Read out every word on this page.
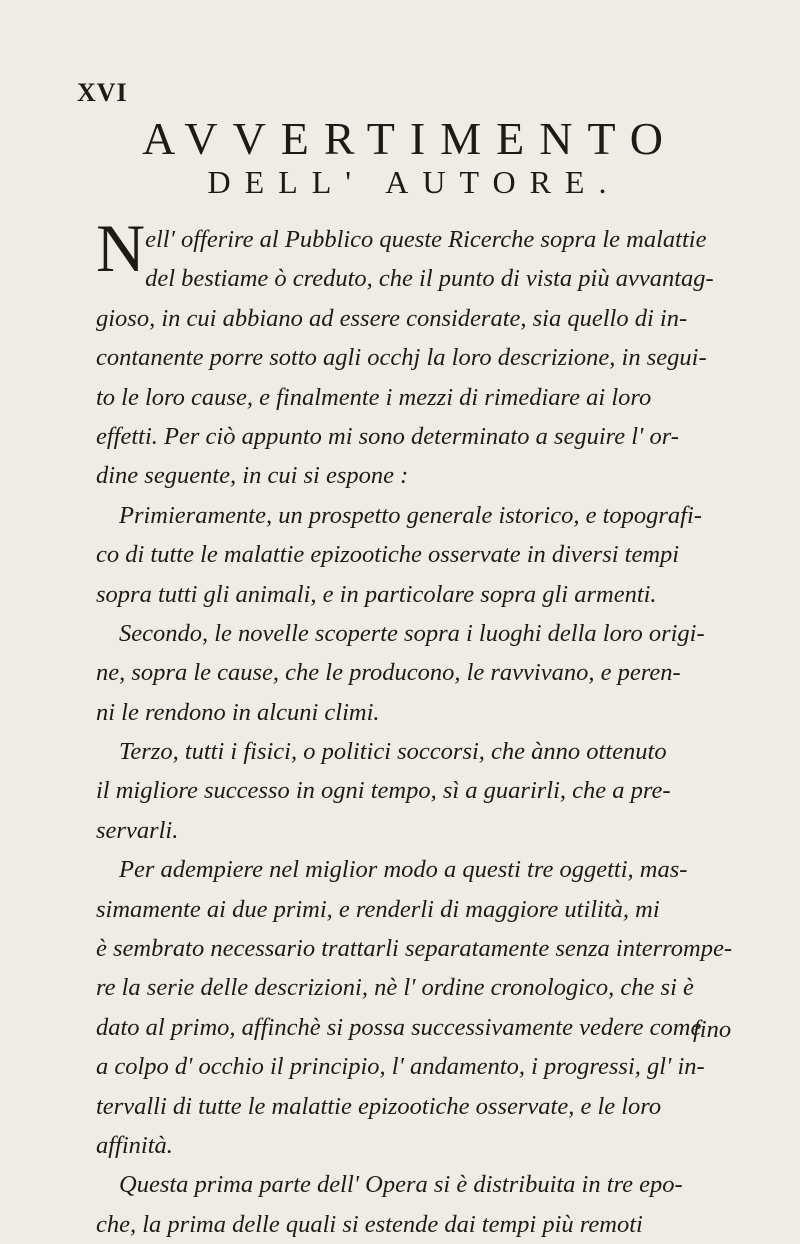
XVI
AVVERTIMENTO
DELL' AUTORE.
Nell' offerire al Pubblico queste Ricerche sopra le malattie
del bestiame ò creduto, che il punto di vista più avvantag-
gioso, in cui abbiano ad essere considerate, sia quello di in-
contanente porre sotto agli occhj la loro descrizione, in segui-
to le loro cause, e finalmente i mezzi di rimediare ai loro
effetti. Per ciò appunto mi sono determinato a seguire l' or-
dine seguente, in cui si espone :
Primieramente, un prospetto generale istorico, e topografi-
co di tutte le malattie epizootiche osservate in diversi tempi
sopra tutti gli animali, e in particolare sopra gli armenti.
Secondo, le novelle scoperte sopra i luoghi della loro origi-
ne, sopra le cause, che le producono, le ravvivano, e peren-
ni le rendono in alcuni climi.
Terzo, tutti i fisici, o politici soccorsi, che ànno ottenuto
il migliore successo in ogni tempo, sì a guarirli, che a pre-
servarli.
Per adempiere nel miglior modo a questi tre oggetti, mas-
simamente ai due primi, e renderli di maggiore utilità, mi
è sembrato necessario trattarli separatamente senza interrompe-
re la serie delle descrizioni, nè l' ordine cronologico, che si è
dato al primo, affinchè si possa successivamente vedere come
a colpo d' occhio il principio, l' andamento, i progressi, gl' in-
tervalli di tutte le malattie epizootiche osservate, e le loro
affinità.
Questa prima parte dell' Opera si è distribuita in tre epo-
che, la prima delle quali si estende dai tempi più remoti
fino
